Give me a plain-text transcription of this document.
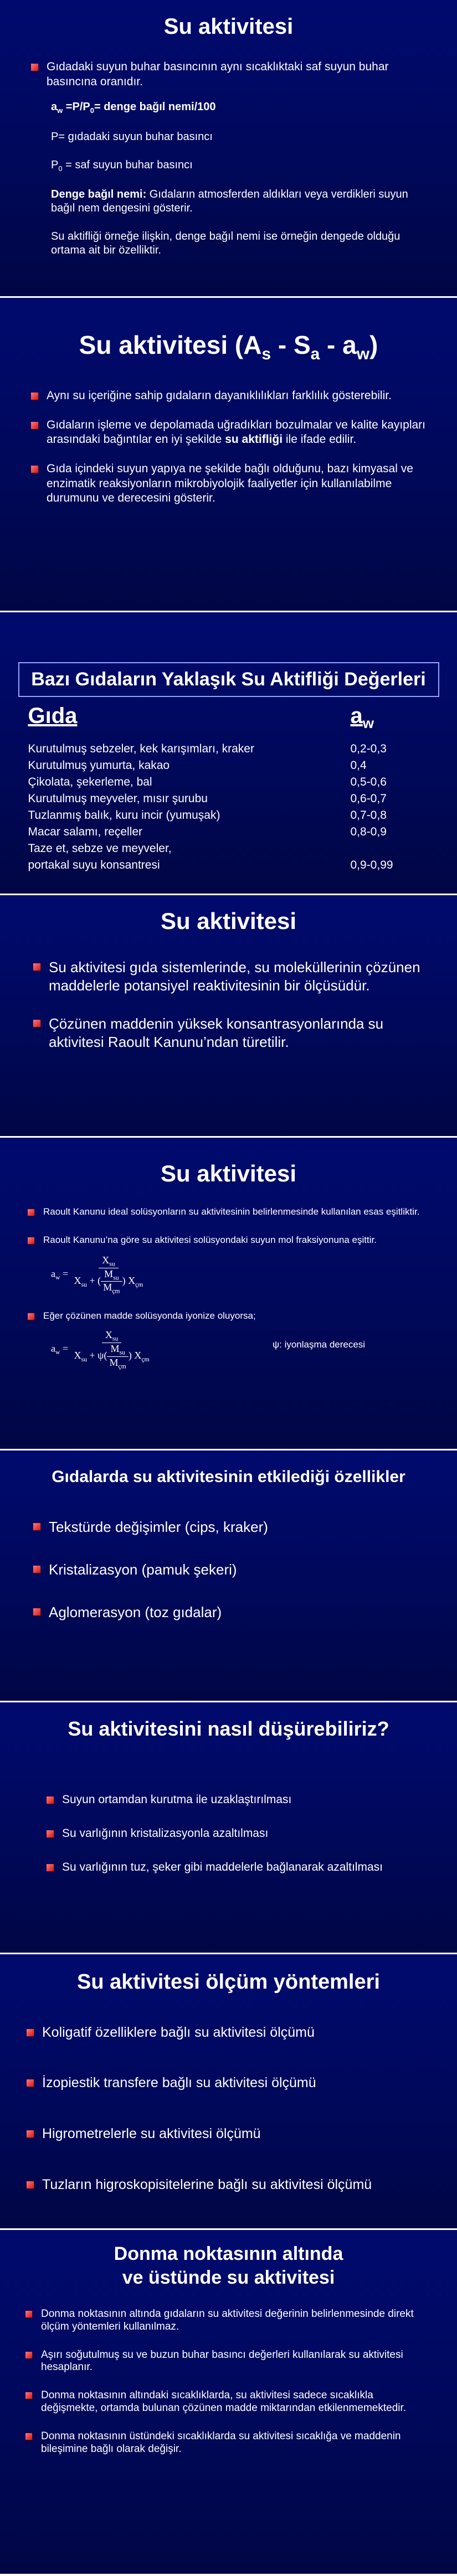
Su aktivitesi
Gıdadaki suyun buhar basıncının aynı sıcaklıktaki saf suyun buhar basıncına oranıdır.
$a_w =P/P_0=$ denge bağıl nemi/100
P= gıdadaki suyun buhar basıncı
$P_0$ = saf suyun buhar basıncı
Denge bağıl nemi: Gıdaların atmosferden aldıkları veya verdikleri suyun bağıl nem dengesini gösterir.
Su aktifliği örneğe ilişkin, denge bağıl nemi ise örneğin dengede olduğu ortama ait bir özelliktir.
Su aktivitesi $(A_s - S_a - a_w)$
Aynı su içeriğine sahip gıdaların dayanıklılıkları farklılık gösterebilir.
Gıdaların işleme ve depolamada uğradıkları bozulmalar ve kalite kayıpları arasındaki bağıntılar en iyi şekilde su aktifliği ile ifade edilir.
Gıda içindeki suyun yapıya ne şekilde bağlı olduğunu, bazı kimyasal ve enzimatik reaksiyonların mikrobiyolojik faaliyetler için kullanılabilme durumunu ve derecesini gösterir.
Bazı Gıdaların Yaklaşık Su Aktifliği Değerleri
Gıda	$a_w$
Kurutulmuş sebzeler, kek karışımları, kraker	0,2-0,3
Kurutulmuş yumurta, kakao	0,4
Çikolata, şekerleme, bal	0,5-0,6
Kurutulmuş meyveler, mısır şurubu	0,6-0,7
Tuzlanmış balık, kuru incir (yumuşak)	0,7-0,8
Macar salamı, reçeller	0,8-0,9
Taze et, sebze ve meyveler,
portakal suyu konsantresi	0,9-0,99
Su aktivitesi
Su aktivitesi gıda sistemlerinde, su moleküllerinin çözünen maddelerle potansiyel reaktivitesinin bir ölçüsüdür.
Çözünen maddenin yüksek konsantrasyonlarında su aktivitesi Raoult Kanunu’ndan türetilir.
Su aktivitesi
Raoult Kanunu ideal solüsyonların su aktivitesinin belirlenmesinde kullanılan esas eşitliktir.
Raoult Kanunu’na göre su aktivitesi solüsyondaki suyun mol fraksiyonuna eşittir.
$a_w = \frac{X_{su}}{X_{su} + ( \frac{M_{su}}{M_{çm}} ) X_{çm}}$
Eğer çözünen madde solüsyonda iyonize oluyorsa;
$a_w = \frac{X_{su}}{X_{su} + \psi( \frac{M_{su}}{M_{çm}} ) X_{çm}}$	ψ: iyonlaşma derecesi
Gıdalarda su aktivitesinin etkilediği özellikler
Tekstürde değişimler (cips, kraker)
Kristalizasyon (pamuk şekeri)
Aglomerasyon (toz gıdalar)
Su aktivitesini nasıl düşürebiliriz?
Suyun ortamdan kurutma ile uzaklaştırılması
Su varlığının kristalizasyonla azaltılması
Su varlığının tuz, şeker gibi maddelerle bağlanarak azaltılması
Su aktivitesi ölçüm yöntemleri
Koligatif özelliklere bağlı su aktivitesi ölçümü
İzopiestik transfere bağlı su aktivitesi ölçümü
Higrometrelerle su aktivitesi ölçümü
Tuzların higroskopisitelerine bağlı su aktivitesi ölçümü
Donma noktasının altında
ve üstünde su aktivitesi
Donma noktasının altında gıdaların su aktivitesi değerinin belirlenmesinde direkt ölçüm yöntemleri kullanılmaz.
Aşırı soğutulmuş su ve buzun buhar basıncı değerleri kullanılarak su aktivitesi hesaplanır.
Donma noktasının altındaki sıcaklıklarda, su aktivitesi sadece sıcaklıkla değişmekte, ortamda bulunan çözünen madde miktarından etkilenmemektedir.
Donma noktasının üstündeki sıcaklıklarda su aktivitesi sıcaklığa ve maddenin bileşimine bağlı olarak değişir.
